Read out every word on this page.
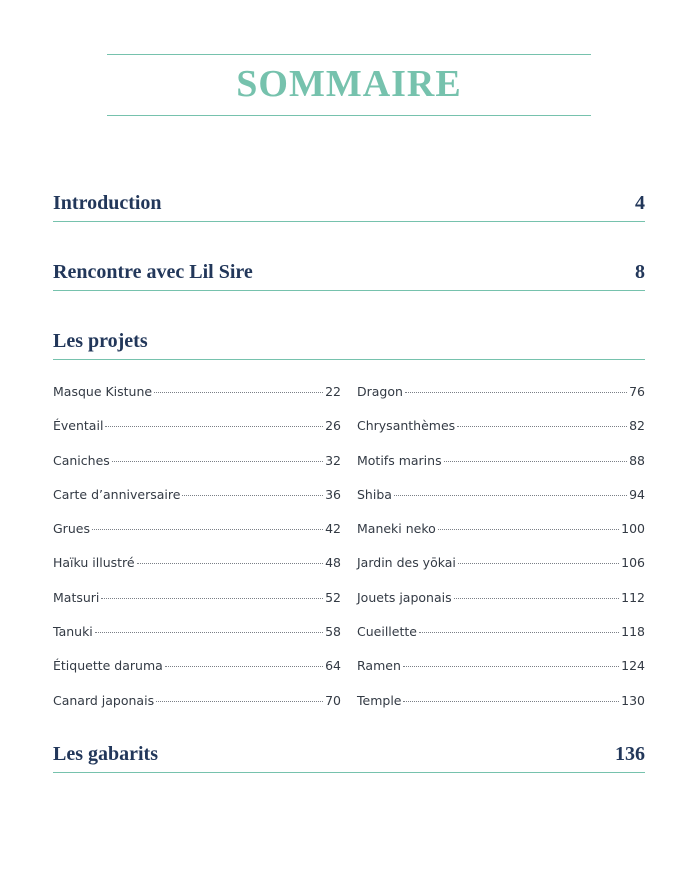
SOMMAIRE
Introduction	4
Rencontre avec Lil Sire	8
Les projets
Masque Kistune	22
Éventail	26
Caniches	32
Carte d’anniversaire	36
Grues	42
Haïku illustré	48
Matsuri	52
Tanuki	58
Étiquette daruma	64
Canard japonais	70
Dragon	76
Chrysanthèmes	82
Motifs marins	88
Shiba	94
Maneki neko	100
Jardin des yōkai	106
Jouets japonais	112
Cueillette	118
Ramen	124
Temple	130
Les gabarits	136
